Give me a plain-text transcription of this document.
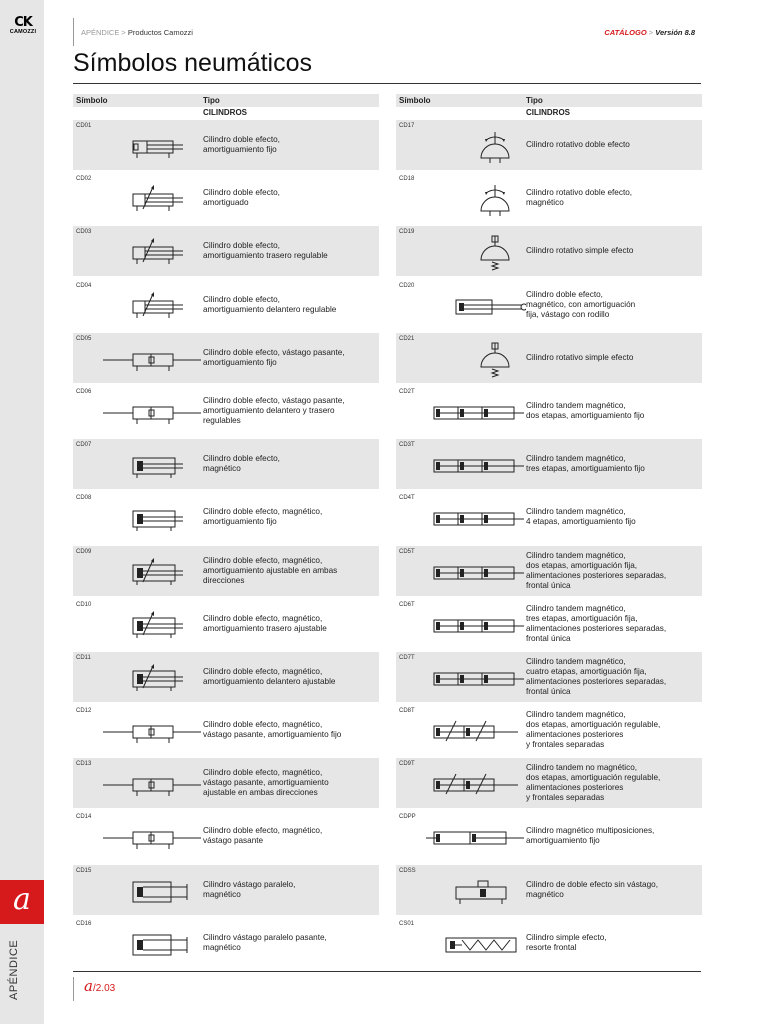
CK
CAMOZZI
a
APÉNDICE
APÉNDICE > Productos Camozzi	CATÁLOGO > Versión 8.8
Símbolos neumáticos
Símbolo	Tipo
CILINDROS
CD01
Cilindro doble efecto,
amortiguamiento fijo
CD02
Cilindro doble efecto,
amortiguado
CD03
Cilindro doble efecto,
amortiguamiento trasero regulable
CD04
Cilindro doble efecto,
amortiguamiento delantero regulable
CD05
Cilindro doble efecto, vástago pasante,
amortiguamiento fijo
CD06
Cilindro doble efecto, vástago pasante,
amortiguamiento delantero y trasero
regulables
CD07
Cilindro doble efecto,
magnético
CD08
Cilindro doble efecto, magnético,
amortiguamiento fijo
CD09
Cilindro doble efecto, magnético,
amortiguamiento ajustable en ambas
direcciones
CD10
Cilindro doble efecto, magnético,
amortiguamiento trasero ajustable
CD11
Cilindro doble efecto, magnético,
amortiguamiento delantero ajustable
CD12
Cilindro doble efecto, magnético,
vástago pasante, amortiguamiento fijo
CD13
Cilindro doble efecto, magnético,
vástago pasante, amortiguamiento
ajustable en ambas direcciones
CD14
Cilindro doble efecto, magnético,
vástago pasante
CD15
Cilindro vástago paralelo,
magnético
CD16
Cilindro vástago paralelo pasante,
magnético
Símbolo	Tipo
CILINDROS
CD17
Cilindro rotativo doble efecto
CD18
Cilindro rotativo doble efecto,
magnético
CD19
Cilindro rotativo simple efecto
CD20
Cilindro doble efecto,
magnético, con amortiguación
fija, vástago con rodillo
CD21
Cilindro rotativo simple efecto
CD2T
Cilindro tandem magnético,
dos etapas, amortiguamiento fijo
CD3T
Cilindro tandem magnético,
tres etapas, amortiguamiento fijo
CD4T
Cilindro tandem magnético,
4 etapas, amortiguamiento fijo
CD5T	Cilindro tandem magnético,
dos etapas, amortiguación fija,
alimentaciones posteriores separadas,
frontal única
CD6T	Cilindro tandem magnético,
tres etapas, amortiguación fija,
alimentaciones posteriores separadas,
frontal única
CD7T	Cilindro tandem magnético,
cuatro etapas, amortiguación fija,
alimentaciones posteriores separadas,
frontal única
CD8T	Cilindro tandem magnético,
dos etapas, amortiguación regulable,
alimentaciones posteriores
y frontales separadas
CD9T	Cilindro tandem no magnético,
dos etapas, amortiguación regulable,
alimentaciones posteriores
y frontales separadas
CDPP
Cilindro magnético multiposiciones,
amortiguamiento fijo
CDSS
Cilindro de doble efecto sin vástago,
magnético
CS01
Cilindro simple efecto,
resorte frontal
a/2.03
